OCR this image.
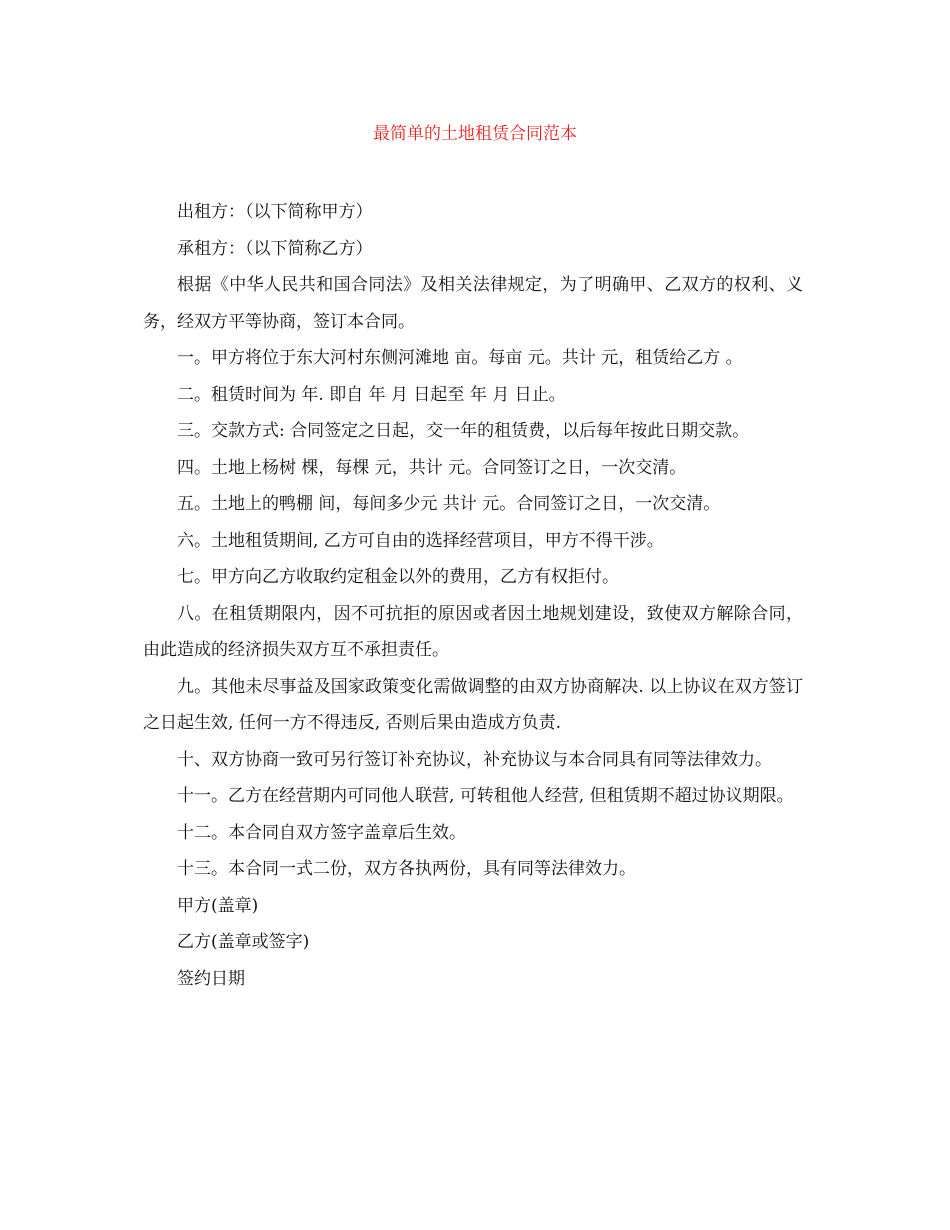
最简单的土地租赁合同范本

出租方：（以下简称甲方）

承租方：（以下简称乙方）

根据《中华人民共和国合同法》及相关法律规定，为了明确甲、乙双方的权利、义务，经双方平等协商，签订本合同。

一。甲方将位于东大河村东侧河滩地 亩。每亩 元。共计 元，租赁给乙方 。

二。租赁时间为 年. 即自 年 月 日起至 年 月 日止。

三。交款方式: 合同签定之日起，交一年的租赁费，以后每年按此日期交款。

四。土地上杨树 棵，每棵 元，共计 元。合同签订之日，一次交清。

五。土地上的鸭棚 间，每间多少元 共计 元。合同签订之日，一次交清。

六。土地租赁期间, 乙方可自由的选择经营项目，甲方不得干涉。

七。甲方向乙方收取约定租金以外的费用，乙方有权拒付。

八。在租赁期限内，因不可抗拒的原因或者因土地规划建设，致使双方解除合同，由此造成的经济损失双方互不承担责任。

九。其他未尽事益及国家政策变化需做调整的由双方协商解决. 以上协议在双方签订之日起生效, 任何一方不得违反, 否则后果由造成方负责.

十、双方协商一致可另行签订补充协议，补充协议与本合同具有同等法律效力。

十一。乙方在经营期内可同他人联营, 可转租他人经营, 但租赁期不超过协议期限。

十二。本合同自双方签字盖章后生效。

十三。本合同一式二份，双方各执两份，具有同等法律效力。

甲方(盖章)

乙方(盖章或签字)

签约日期
